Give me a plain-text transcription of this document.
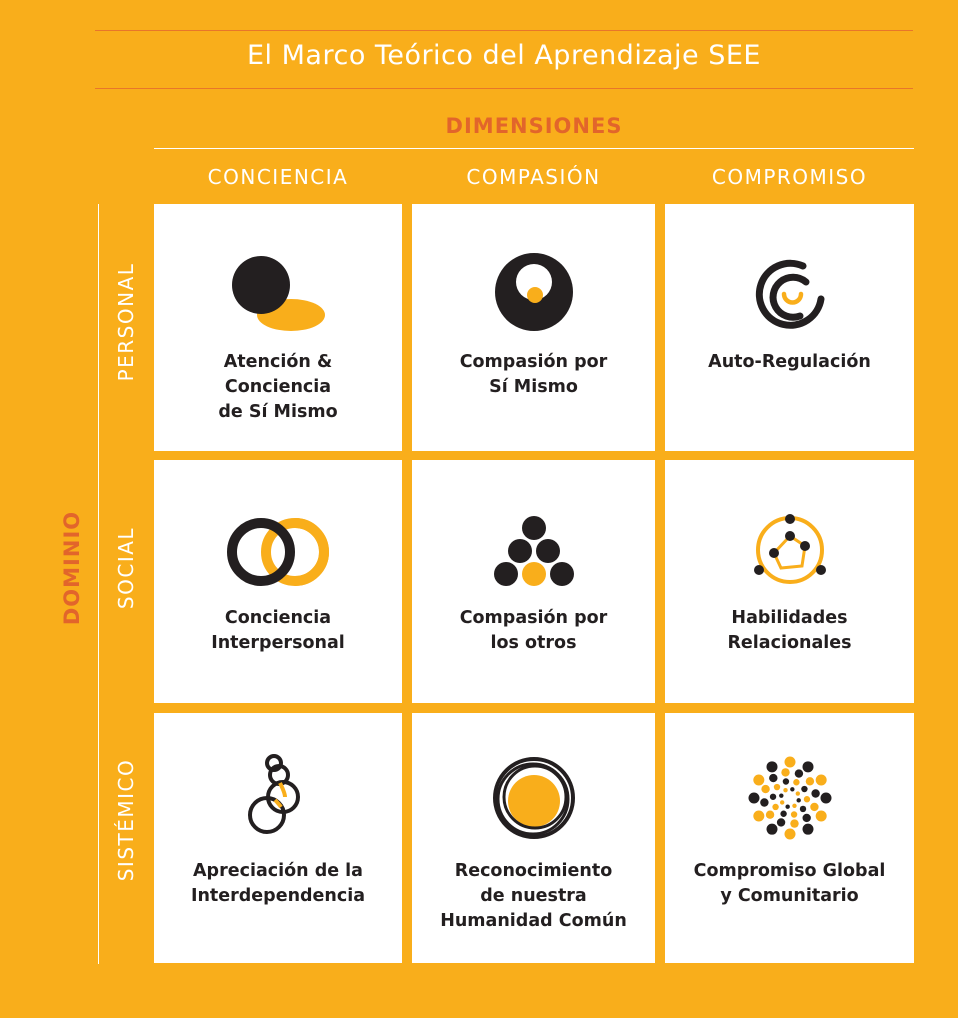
El Marco Teórico del Aprendizaje SEE
DIMENSIONES
CONCIENCIA	COMPASIÓN	COMPROMISO
DOMINIO
PERSONAL
SOCIAL
SISTÉMICO
Atención &
Conciencia
de Sí Mismo
Compasión por
Sí Mismo
Auto-Regulación
Conciencia
Interpersonal
Compasión por
los otros
Habilidades
Relacionales
Apreciación de la
Interdependencia
Reconocimiento
de nuestra
Humanidad Común
Compromiso Global
y Comunitario
